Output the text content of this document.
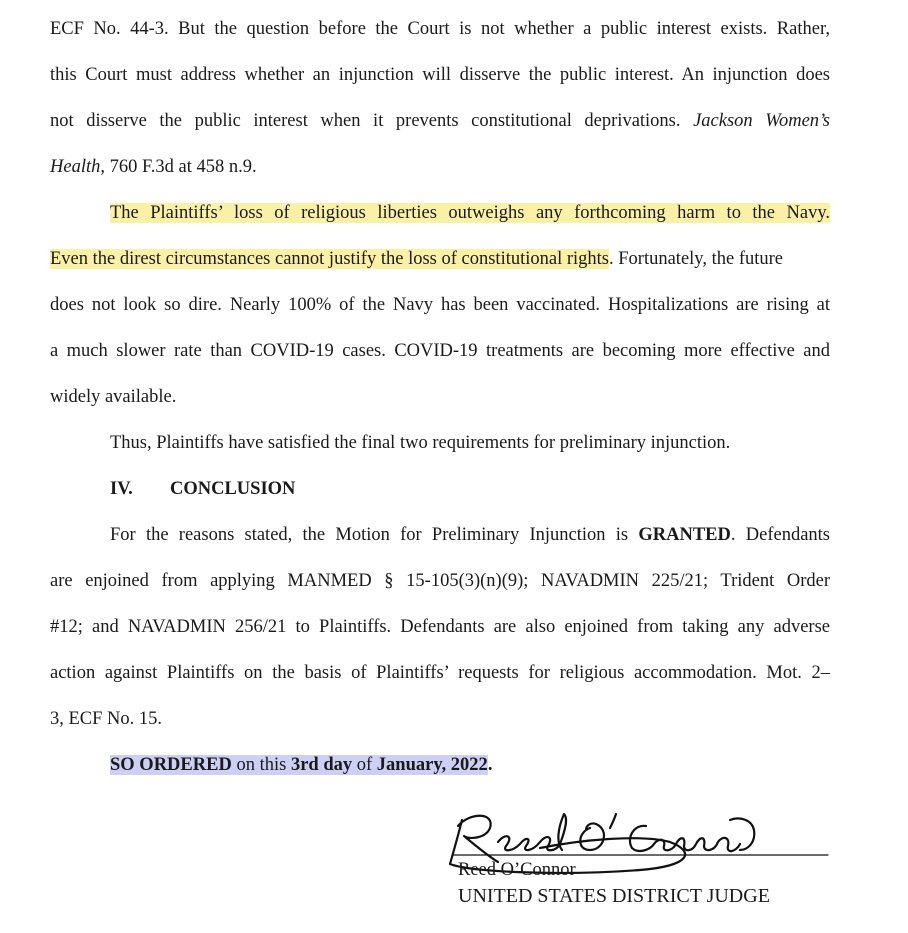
ECF No. 44-3. But the question before the Court is not whether a public interest exists. Rather,
this Court must address whether an injunction will disserve the public interest. An injunction does
not disserve the public interest when it prevents constitutional deprivations. Jackson Women’s
Health, 760 F.3d at 458 n.9.
The Plaintiffs’ loss of religious liberties outweighs any forthcoming harm to the Navy.
Even the direst circumstances cannot justify the loss of constitutional rights. Fortunately, the future
does not look so dire. Nearly 100% of the Navy has been vaccinated. Hospitalizations are rising at
a much slower rate than COVID-19 cases. COVID-19 treatments are becoming more effective and
widely available.
Thus, Plaintiffs have satisfied the final two requirements for preliminary injunction.
IV. CONCLUSION
For the reasons stated, the Motion for Preliminary Injunction is GRANTED. Defendants
are enjoined from applying MANMED § 15-105(3)(n)(9); NAVADMIN 225/21; Trident Order
#12; and NAVADMIN 256/21 to Plaintiffs. Defendants are also enjoined from taking any adverse
action against Plaintiffs on the basis of Plaintiffs’ requests for religious accommodation. Mot. 2–
3, ECF No. 15.
SO ORDERED on this 3rd day of January, 2022.
Reed O’Connor
UNITED STATES DISTRICT JUDGE
